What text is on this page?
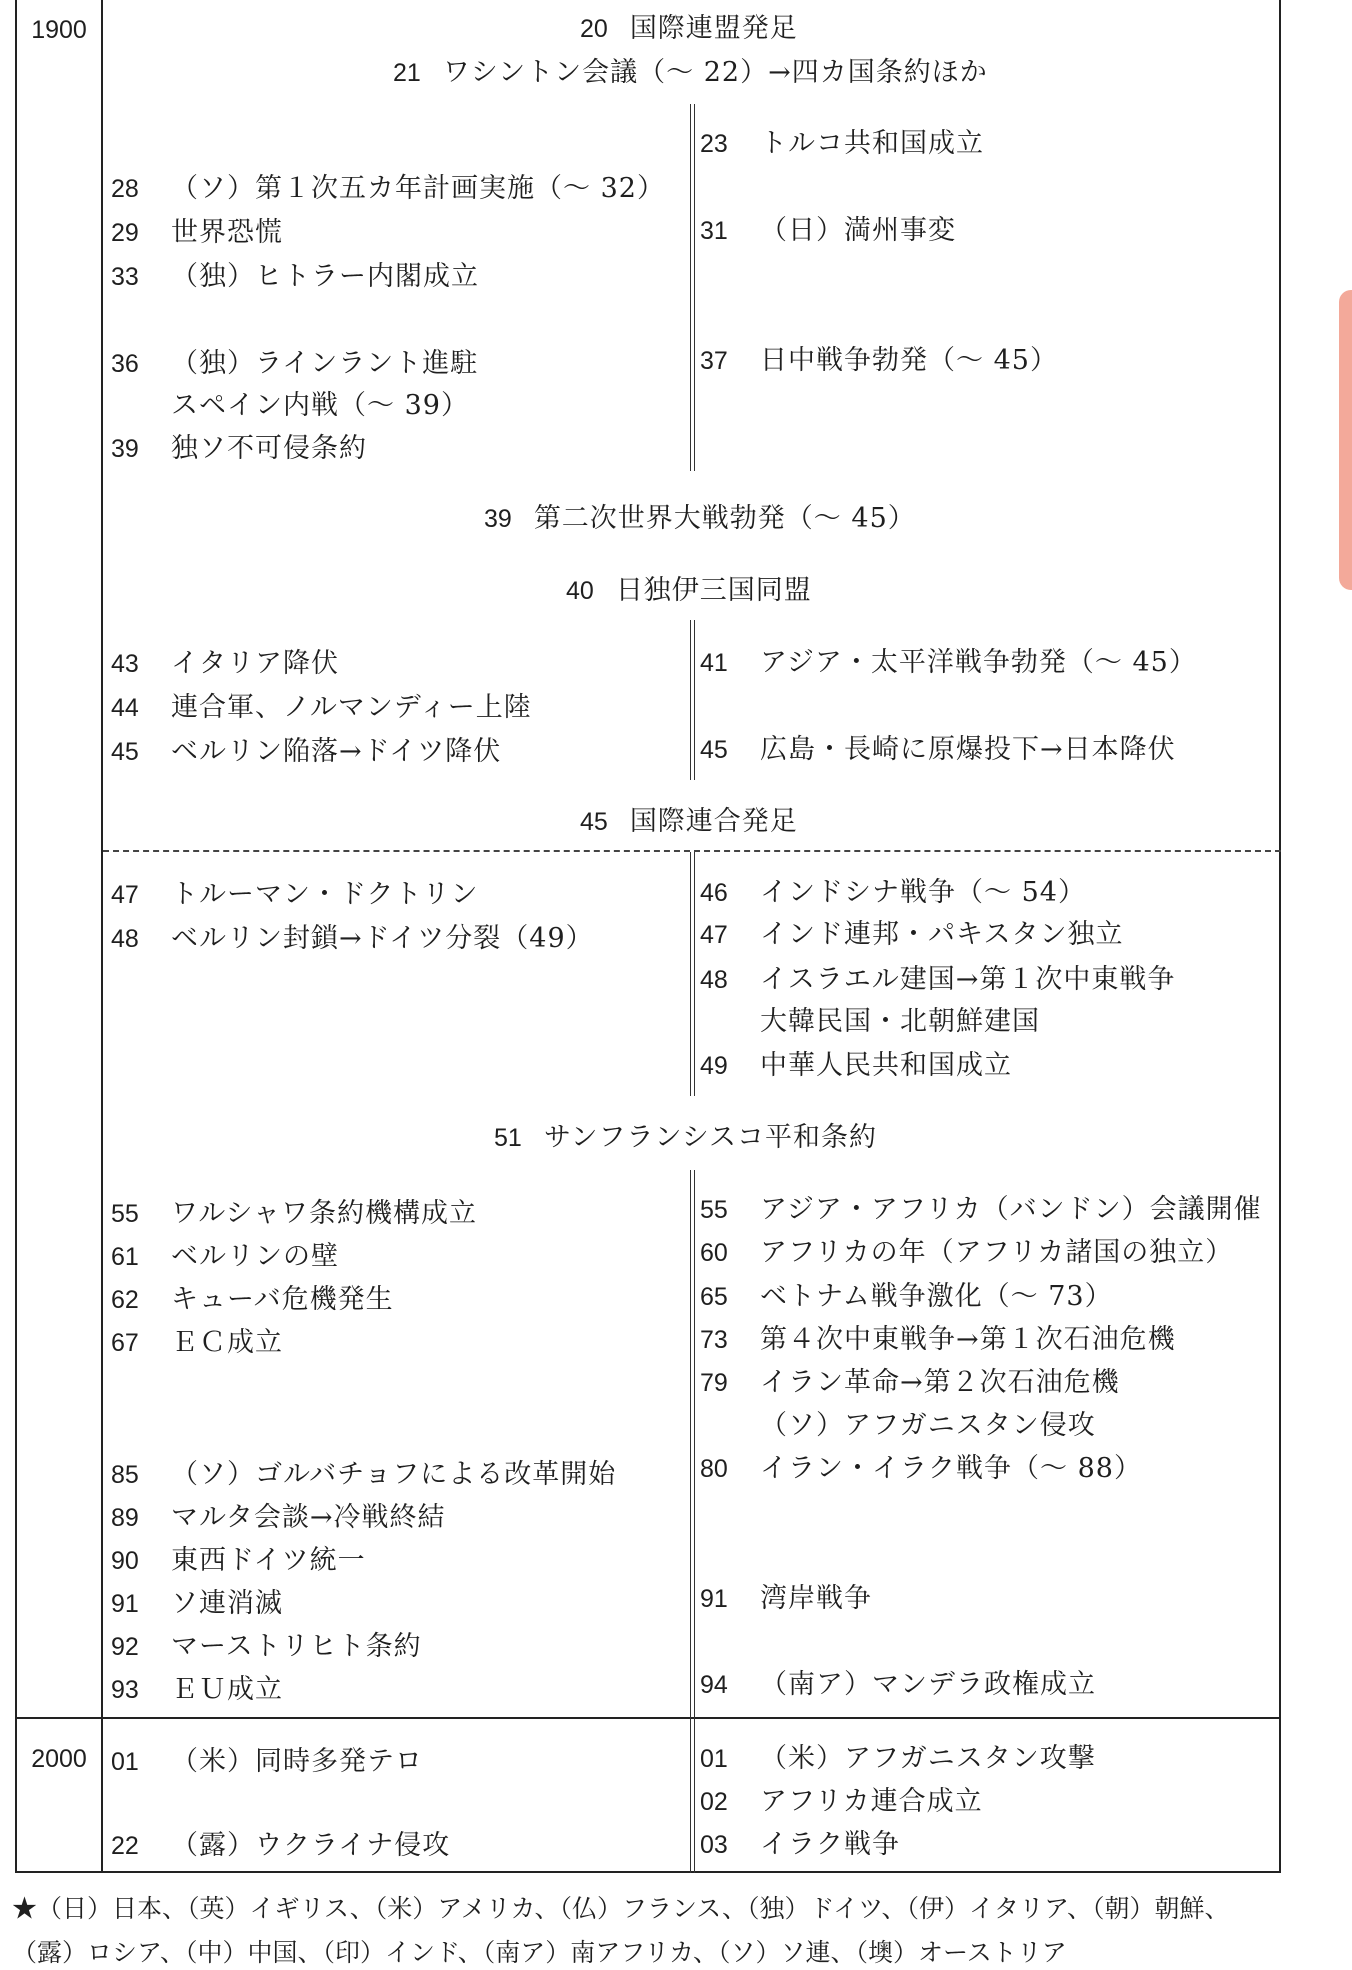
1900
2000
20 国際連盟発足
21 ワシントン会議（～ 22）→四カ国条約ほか
39 第二次世界大戦勃発（～ 45）
40 日独伊三国同盟
45 国際連合発足
51 サンフランシスコ平和条約
28 （ソ）第１次五カ年計画実施（～ 32）
29 世界恐慌
33 （独）ヒトラー内閣成立
36 （独）ラインラント進駐
スペイン内戦（～ 39）
39 独ソ不可侵条約
43 イタリア降伏
44 連合軍、ノルマンディー上陸
45 ベルリン陥落→ドイツ降伏
47 トルーマン・ドクトリン
48 ベルリン封鎖→ドイツ分裂（49）
55 ワルシャワ条約機構成立
61 ベルリンの壁
62 キューバ危機発生
67 ＥＣ成立
85 （ソ）ゴルバチョフによる改革開始
89 マルタ会談→冷戦終結
90 東西ドイツ統一
91 ソ連消滅
92 マーストリヒト条約
93 ＥＵ成立
01 （米）同時多発テロ
22 （露）ウクライナ侵攻
23 トルコ共和国成立
31 （日）満州事変
37 日中戦争勃発（～ 45）
41 アジア・太平洋戦争勃発（～ 45）
45 広島・長崎に原爆投下→日本降伏
46 インドシナ戦争（～ 54）
47 インド連邦・パキスタン独立
48 イスラエル建国→第１次中東戦争
大韓民国・北朝鮮建国
49 中華人民共和国成立
55 アジア・アフリカ（バンドン）会議開催
60 アフリカの年（アフリカ諸国の独立）
65 ベトナム戦争激化（～ 73）
73 第４次中東戦争→第１次石油危機
79 イラン革命→第２次石油危機
（ソ）アフガニスタン侵攻
80 イラン・イラク戦争（～ 88）
91 湾岸戦争
94 （南ア）マンデラ政権成立
01 （米）アフガニスタン攻撃
02 アフリカ連合成立
03 イラク戦争
★（日）日本、（英）イギリス、（米）アメリカ、（仏）フランス、（独）ドイツ、（伊）イタリア、（朝）朝鮮、
（露）ロシア、（中）中国、（印）インド、（南ア）南アフリカ、（ソ）ソ連、（墺）オーストリア
